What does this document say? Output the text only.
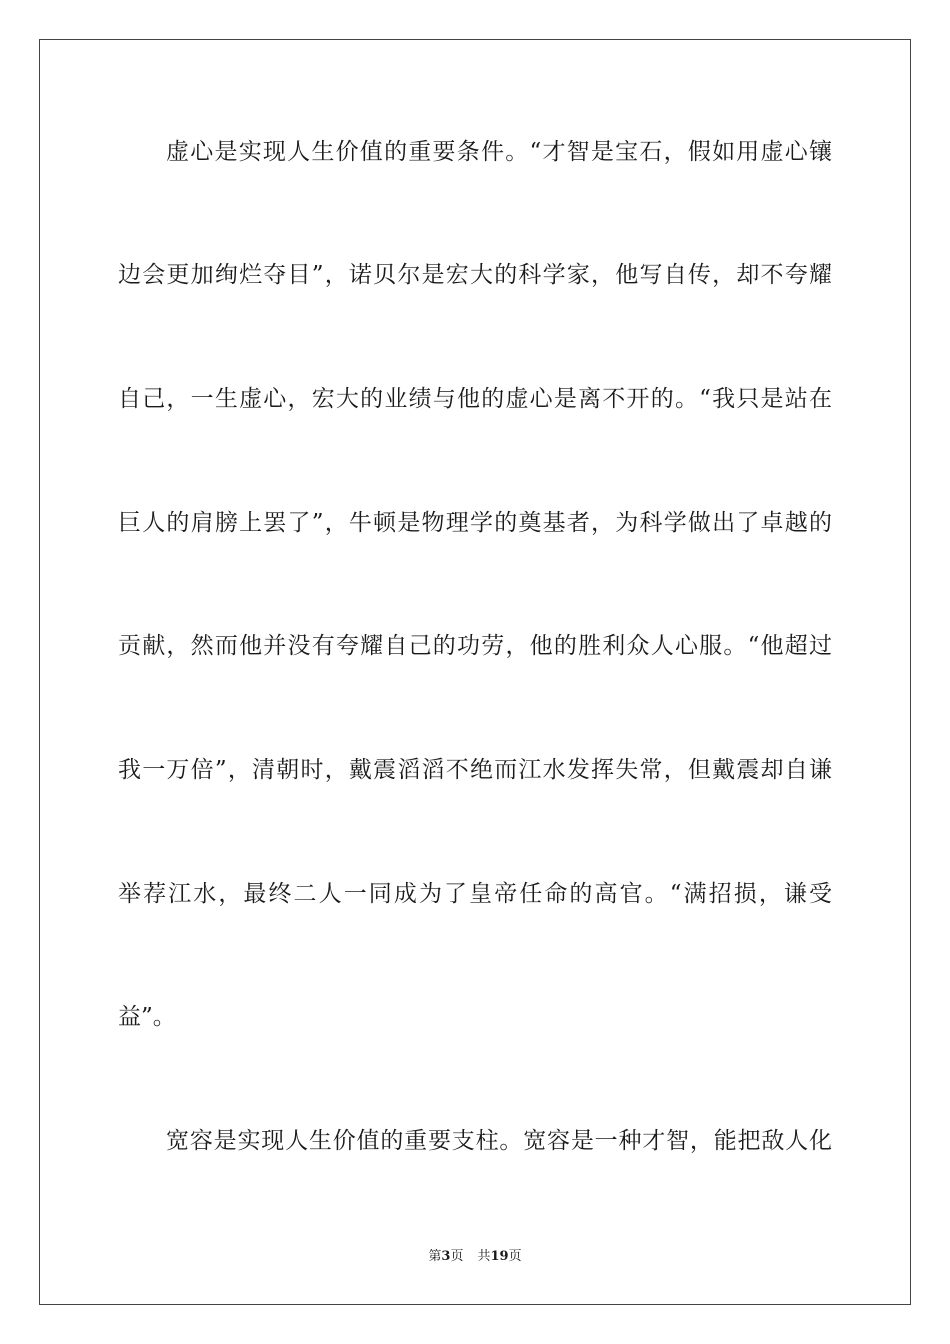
虚心是实现人生价值的重要条件。“才智是宝石，假如用虚心镶
边会更加绚烂夺目”，诺贝尔是宏大的科学家，他写自传，却不夸耀
自己，一生虚心，宏大的业绩与他的虚心是离不开的。“我只是站在
巨人的肩膀上罢了”，牛顿是物理学的奠基者，为科学做出了卓越的
贡献，然而他并没有夸耀自己的功劳，他的胜利众人心服。“他超过
我一万倍”，清朝时，戴震滔滔不绝而江水发挥失常，但戴震却自谦
举荐江水，最终二人一同成为了皇帝任命的高官。“满招损，谦受
益”。
宽容是实现人生价值的重要支柱。宽容是一种才智，能把敌人化
第3页 共19页
